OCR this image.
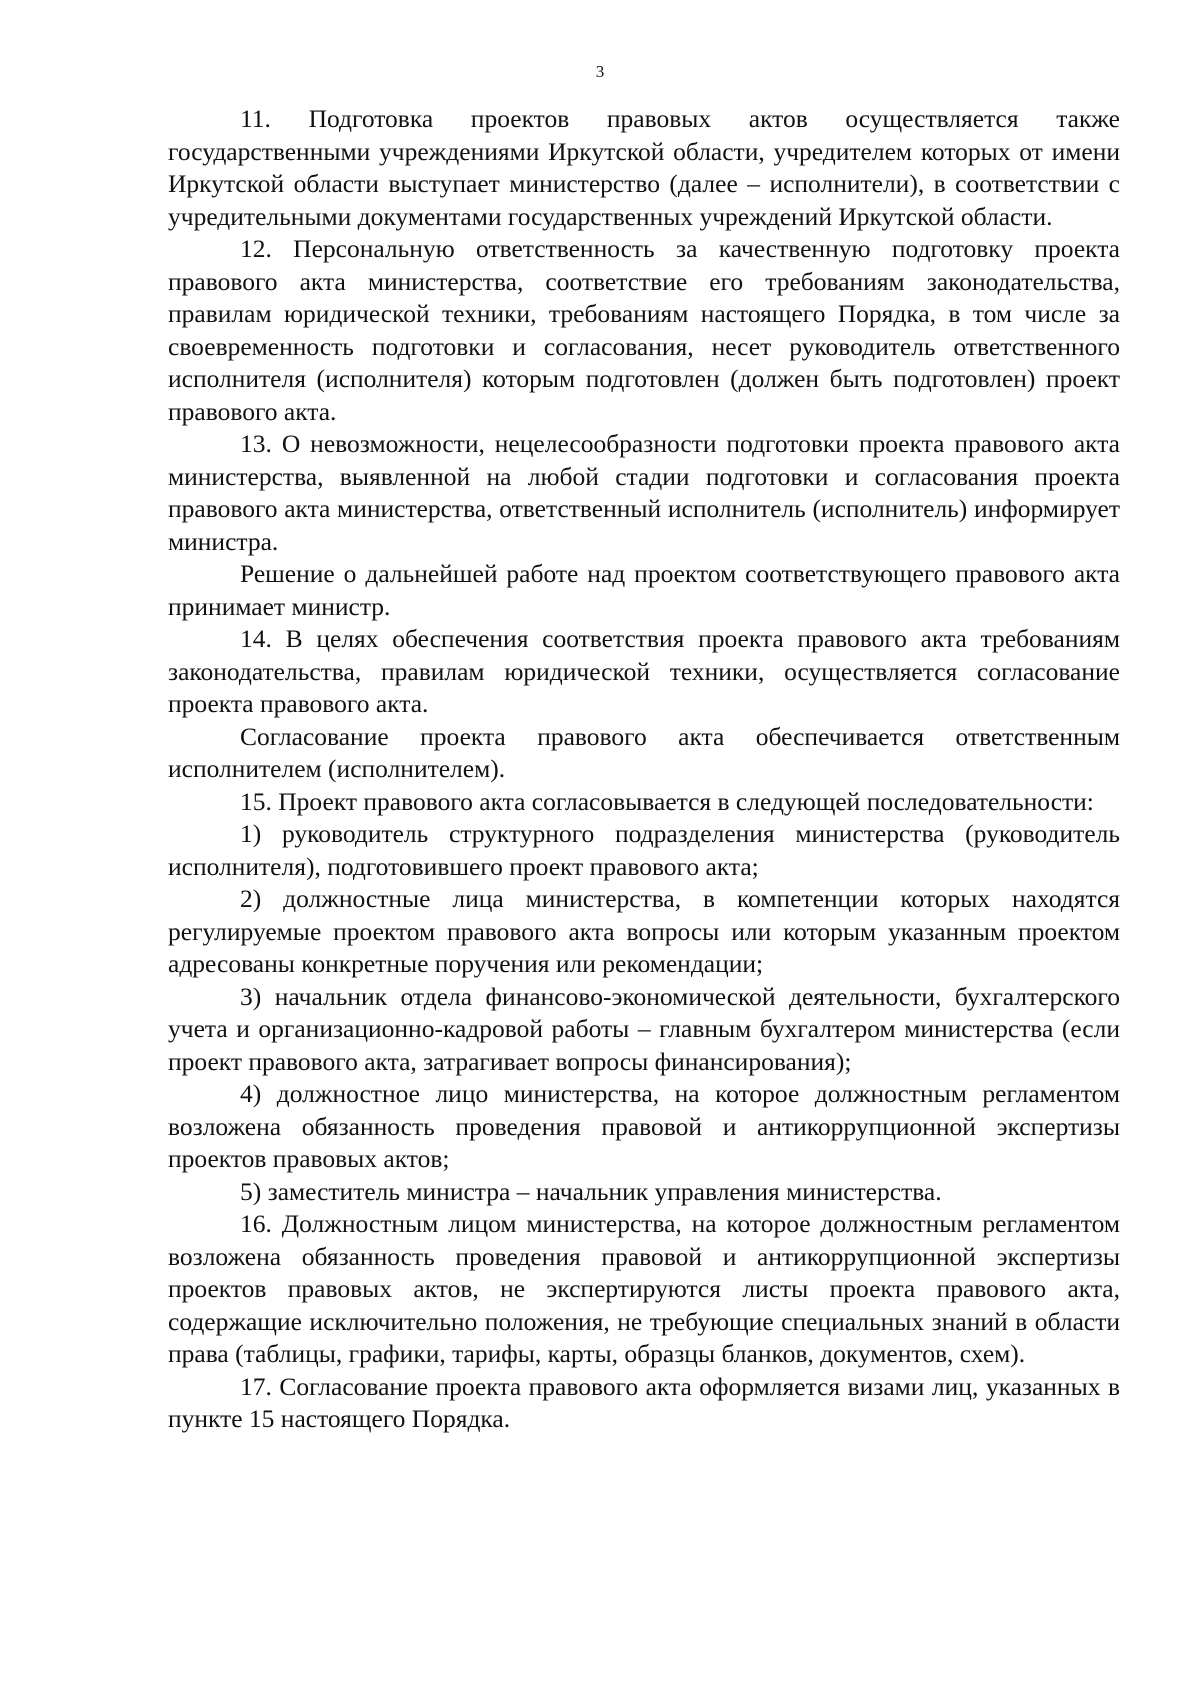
3

11. Подготовка проектов правовых актов осуществляется также государственными учреждениями Иркутской области, учредителем которых от имени Иркутской области выступает министерство (далее – исполнители), в соответствии с учредительными документами государственных учреждений Иркутской области.

12. Персональную ответственность за качественную подготовку проекта правового акта министерства, соответствие его требованиям законодательства, правилам юридической техники, требованиям настоящего Порядка, в том числе за своевременность подготовки и согласования, несет руководитель ответственного исполнителя (исполнителя) которым подготовлен (должен быть подготовлен) проект правового акта.

13. О невозможности, нецелесообразности подготовки проекта правового акта министерства, выявленной на любой стадии подготовки и согласования проекта правового акта министерства, ответственный исполнитель (исполнитель) информирует министра.

Решение о дальнейшей работе над проектом соответствующего правового акта принимает министр.

14. В целях обеспечения соответствия проекта правового акта требованиям законодательства, правилам юридической техники, осуществляется согласование проекта правового акта.

Согласование проекта правового акта обеспечивается ответственным исполнителем (исполнителем).

15. Проект правового акта согласовывается в следующей последовательности:

1) руководитель структурного подразделения министерства (руководитель исполнителя), подготовившего проект правового акта;

2) должностные лица министерства, в компетенции которых находятся регулируемые проектом правового акта вопросы или которым указанным проектом адресованы конкретные поручения или рекомендации;

3) начальник отдела финансово-экономической деятельности, бухгалтерского учета и организационно-кадровой работы – главным бухгалтером министерства (если проект правового акта, затрагивает вопросы финансирования);

4) должностное лицо министерства, на которое должностным регламентом возложена обязанность проведения правовой и антикоррупционной экспертизы проектов правовых актов;

5) заместитель министра – начальник управления министерства.

16. Должностным лицом министерства, на которое должностным регламентом возложена обязанность проведения правовой и антикоррупционной экспертизы проектов правовых актов, не экспертируются листы проекта правового акта, содержащие исключительно положения, не требующие специальных знаний в области права (таблицы, графики, тарифы, карты, образцы бланков, документов, схем).

17. Согласование проекта правового акта оформляется визами лиц, указанных в пункте 15 настоящего Порядка.
